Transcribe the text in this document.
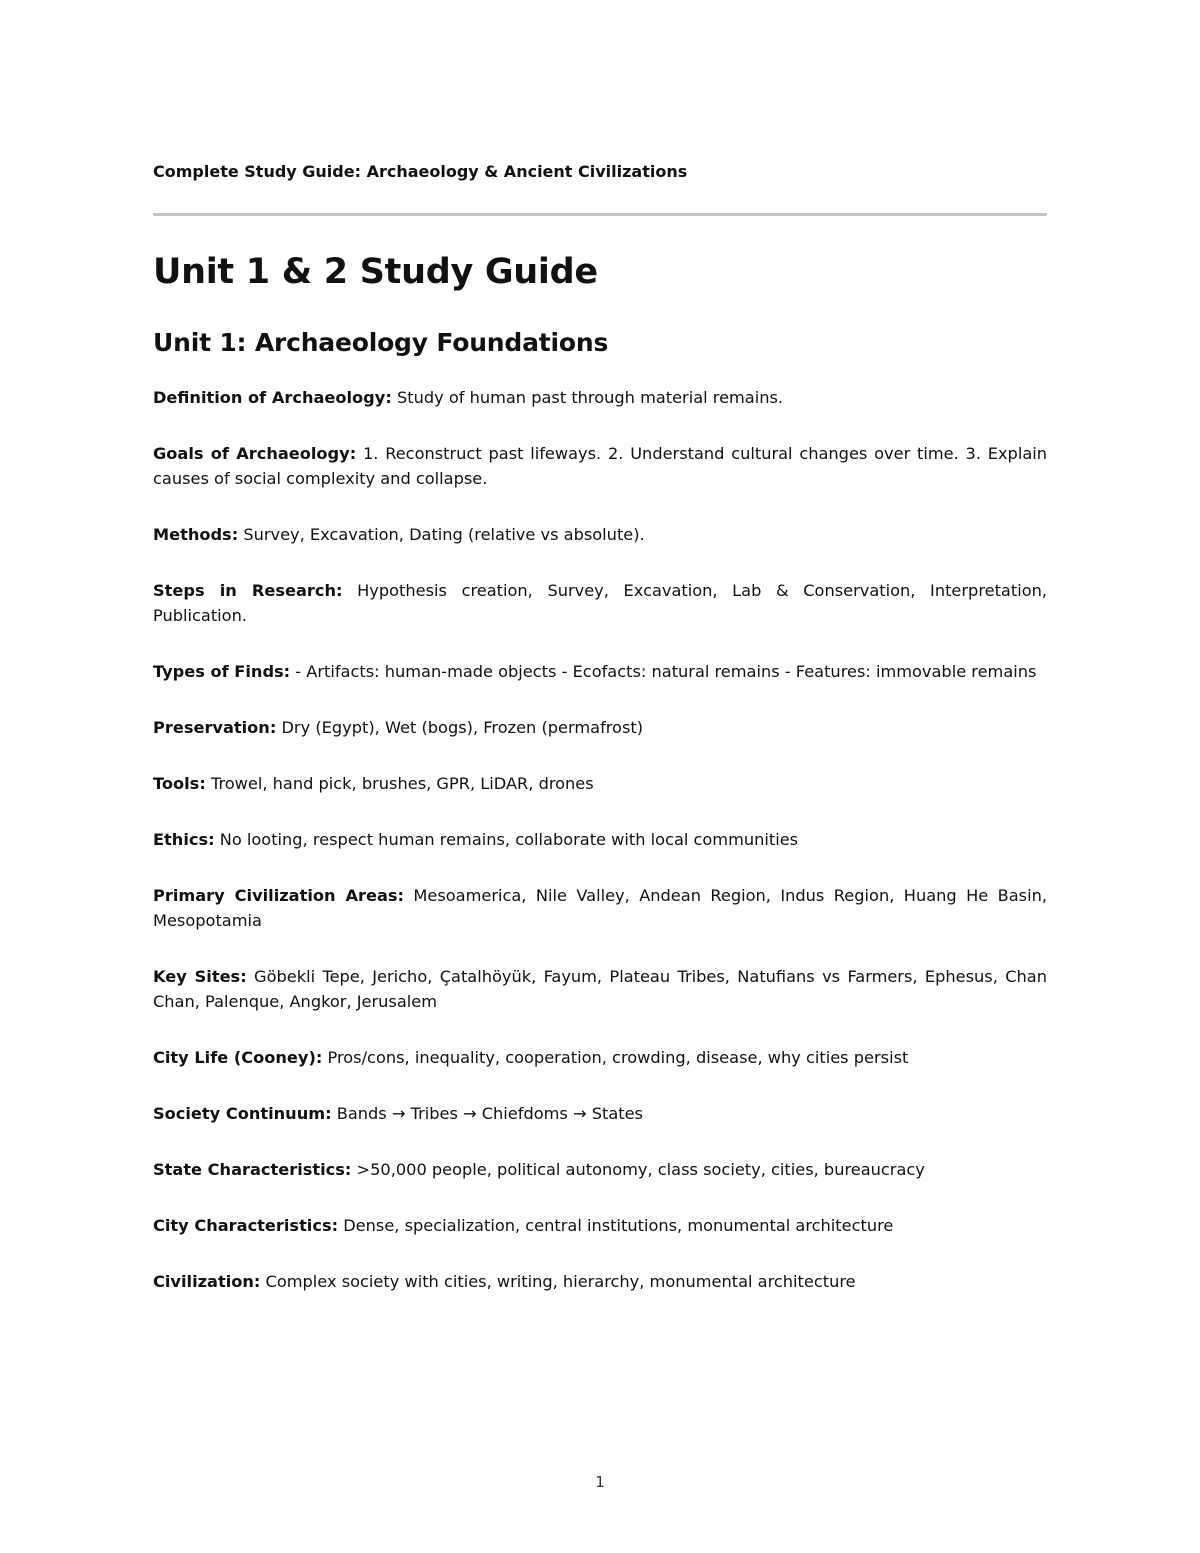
Complete Study Guide: Archaeology & Ancient Civilizations
Unit 1 & 2 Study Guide
Unit 1: Archaeology Foundations

Definition of Archaeology: Study of human past through material remains.

Goals of Archaeology: 1. Reconstruct past lifeways. 2. Understand cultural changes over time. 3. Explain causes of social complexity and collapse.

Methods: Survey, Excavation, Dating (relative vs absolute).

Steps in Research: Hypothesis creation, Survey, Excavation, Lab & Conservation, Interpretation, Publication.

Types of Finds: - Artifacts: human-made objects - Ecofacts: natural remains - Features: immovable remains

Preservation: Dry (Egypt), Wet (bogs), Frozen (permafrost)

Tools: Trowel, hand pick, brushes, GPR, LiDAR, drones

Ethics: No looting, respect human remains, collaborate with local communities

Primary Civilization Areas: Mesoamerica, Nile Valley, Andean Region, Indus Region, Huang He Basin, Mesopotamia

Key Sites: Göbekli Tepe, Jericho, Çatalhöyük, Fayum, Plateau Tribes, Natufians vs Farmers, Ephesus, Chan Chan, Palenque, Angkor, Jerusalem

City Life (Cooney): Pros/cons, inequality, cooperation, crowding, disease, why cities persist

Society Continuum: Bands → Tribes → Chiefdoms → States

State Characteristics: >50,000 people, political autonomy, class society, cities, bureaucracy

City Characteristics: Dense, specialization, central institutions, monumental architecture

Civilization: Complex society with cities, writing, hierarchy, monumental architecture

1
